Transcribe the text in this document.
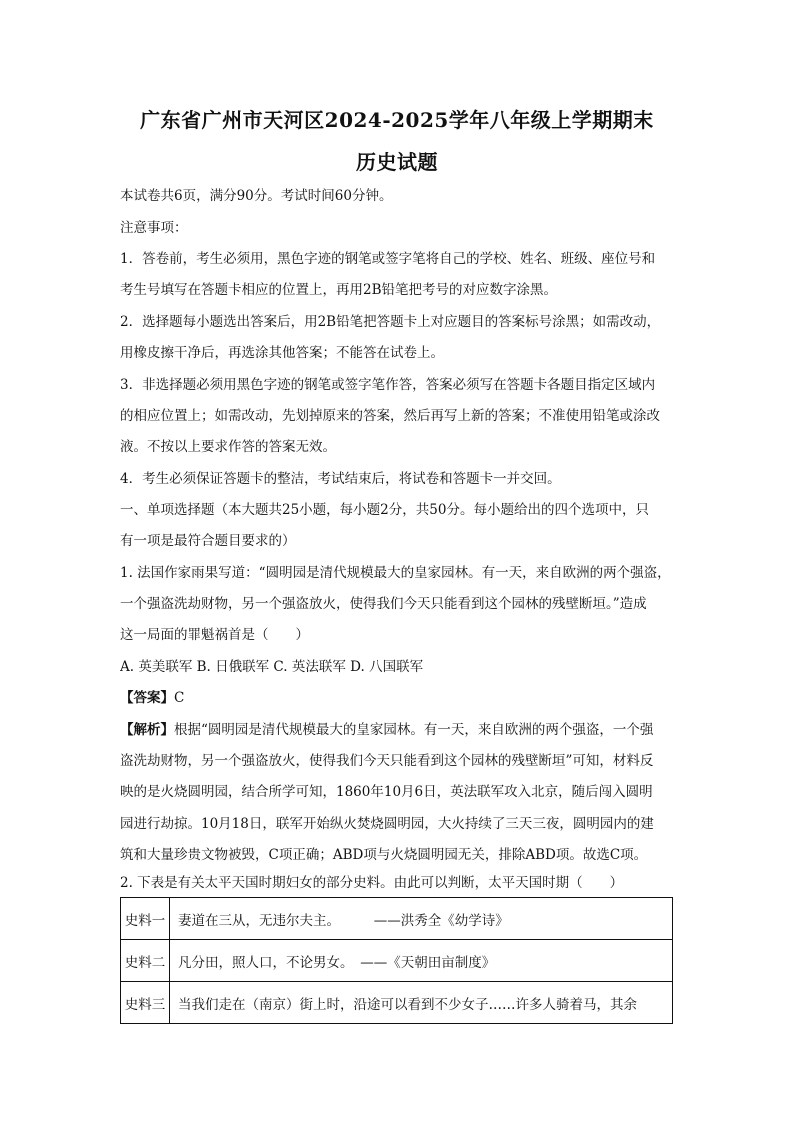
广东省广州市天河区2024-2025学年八年级上学期期末
历史试题
本试卷共6页，满分90分。考试时间60分钟。
注意事项：
1．答卷前，考生必须用，黑色字迹的钢笔或签字笔将自己的学校、姓名、班级、座位号和
考生号填写在答题卡相应的位置上，再用2B铅笔把考号的对应数字涂黑。
2．选择题每小题选出答案后，用2B铅笔把答题卡上对应题目的答案标号涂黑；如需改动，
用橡皮擦干净后，再选涂其他答案；不能答在试卷上。
3．非选择题必须用黑色字迹的钢笔或签字笔作答，答案必须写在答题卡各题目指定区域内
的相应位置上；如需改动，先划掉原来的答案，然后再写上新的答案；不准使用铅笔或涂改
液。不按以上要求作答的答案无效。
4．考生必须保证答题卡的整洁，考试结束后，将试卷和答题卡一并交回。
一、单项选择题（本大题共25小题，每小题2分，共50分。每小题给出的四个选项中，只
有一项是最符合题目要求的）
1. 法国作家雨果写道：“圆明园是清代规模最大的皇家园林。有一天，来自欧洲的两个强盗，
一个强盗洗劫财物，另一个强盗放火，使得我们今天只能看到这个园林的残壁断垣。”造成
这一局面的罪魁祸首是（　　）
A. 英美联军 B. 日俄联军 C. 英法联军 D. 八国联军
【答案】C
【解析】根据“圆明园是清代规模最大的皇家园林。有一天，来自欧洲的两个强盗，一个强
盗洗劫财物，另一个强盗放火，使得我们今天只能看到这个园林的残壁断垣”可知，材料反
映的是火烧圆明园，结合所学可知，1860年10月6日，英法联军攻入北京，随后闯入圆明
园进行劫掠。10月18日，联军开始纵火焚烧圆明园，大火持续了三天三夜，圆明园内的建
筑和大量珍贵文物被毁，C项正确；ABD项与火烧圆明园无关，排除ABD项。故选C项。
2. 下表是有关太平天国时期妇女的部分史料。由此可以判断，太平天国时期（　　）
史料一	妻道在三从，无违尔夫主。　　　——洪秀全《幼学诗》
史料二	凡分田，照人口，不论男女。　——《天朝田亩制度》
史料三	当我们走在（南京）街上时，沿途可以看到不少女子……许多人骑着马，其余
